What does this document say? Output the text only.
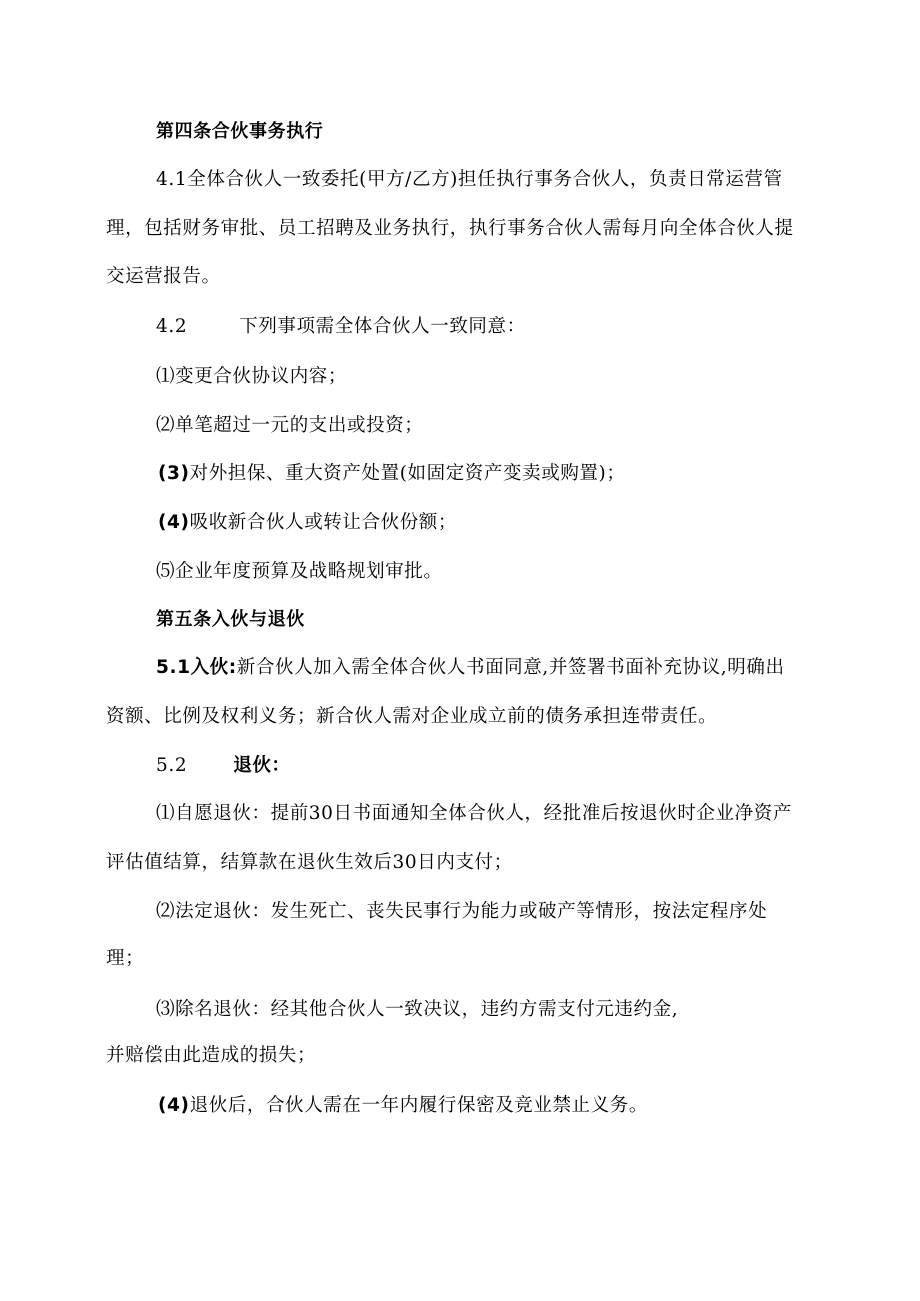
第四条合伙事务执行
4.1全体合伙人一致委托(甲方/乙方)担任执行事务合伙人，负责日常运营管
理，包括财务审批、员工招聘及业务执行，执行事务合伙人需每月向全体合伙人提
交运营报告。
4.2	下列事项需全体合伙人一致同意：
⑴变更合伙协议内容；
⑵单笔超过一元的支出或投资；
(3)对外担保、重大资产处置(如固定资产变卖或购置)；
(4)吸收新合伙人或转让合伙份额；
⑸企业年度预算及战略规划审批。
第五条入伙与退伙
5.1入伙:新合伙人加入需全体合伙人书面同意,并签署书面补充协议,明确出
资额、比例及权利义务；新合伙人需对企业成立前的债务承担连带责任。
5.2 退伙：
⑴自愿退伙：提前30日书面通知全体合伙人，经批准后按退伙时企业净资产
评估值结算，结算款在退伙生效后30日内支付；
⑵法定退伙：发生死亡、丧失民事行为能力或破产等情形，按法定程序处
理；
⑶除名退伙：经其他合伙人一致决议，违约方需支付元违约金,
并赔偿由此造成的损失；
(4)退伙后，合伙人需在一年内履行保密及竞业禁止义务。
